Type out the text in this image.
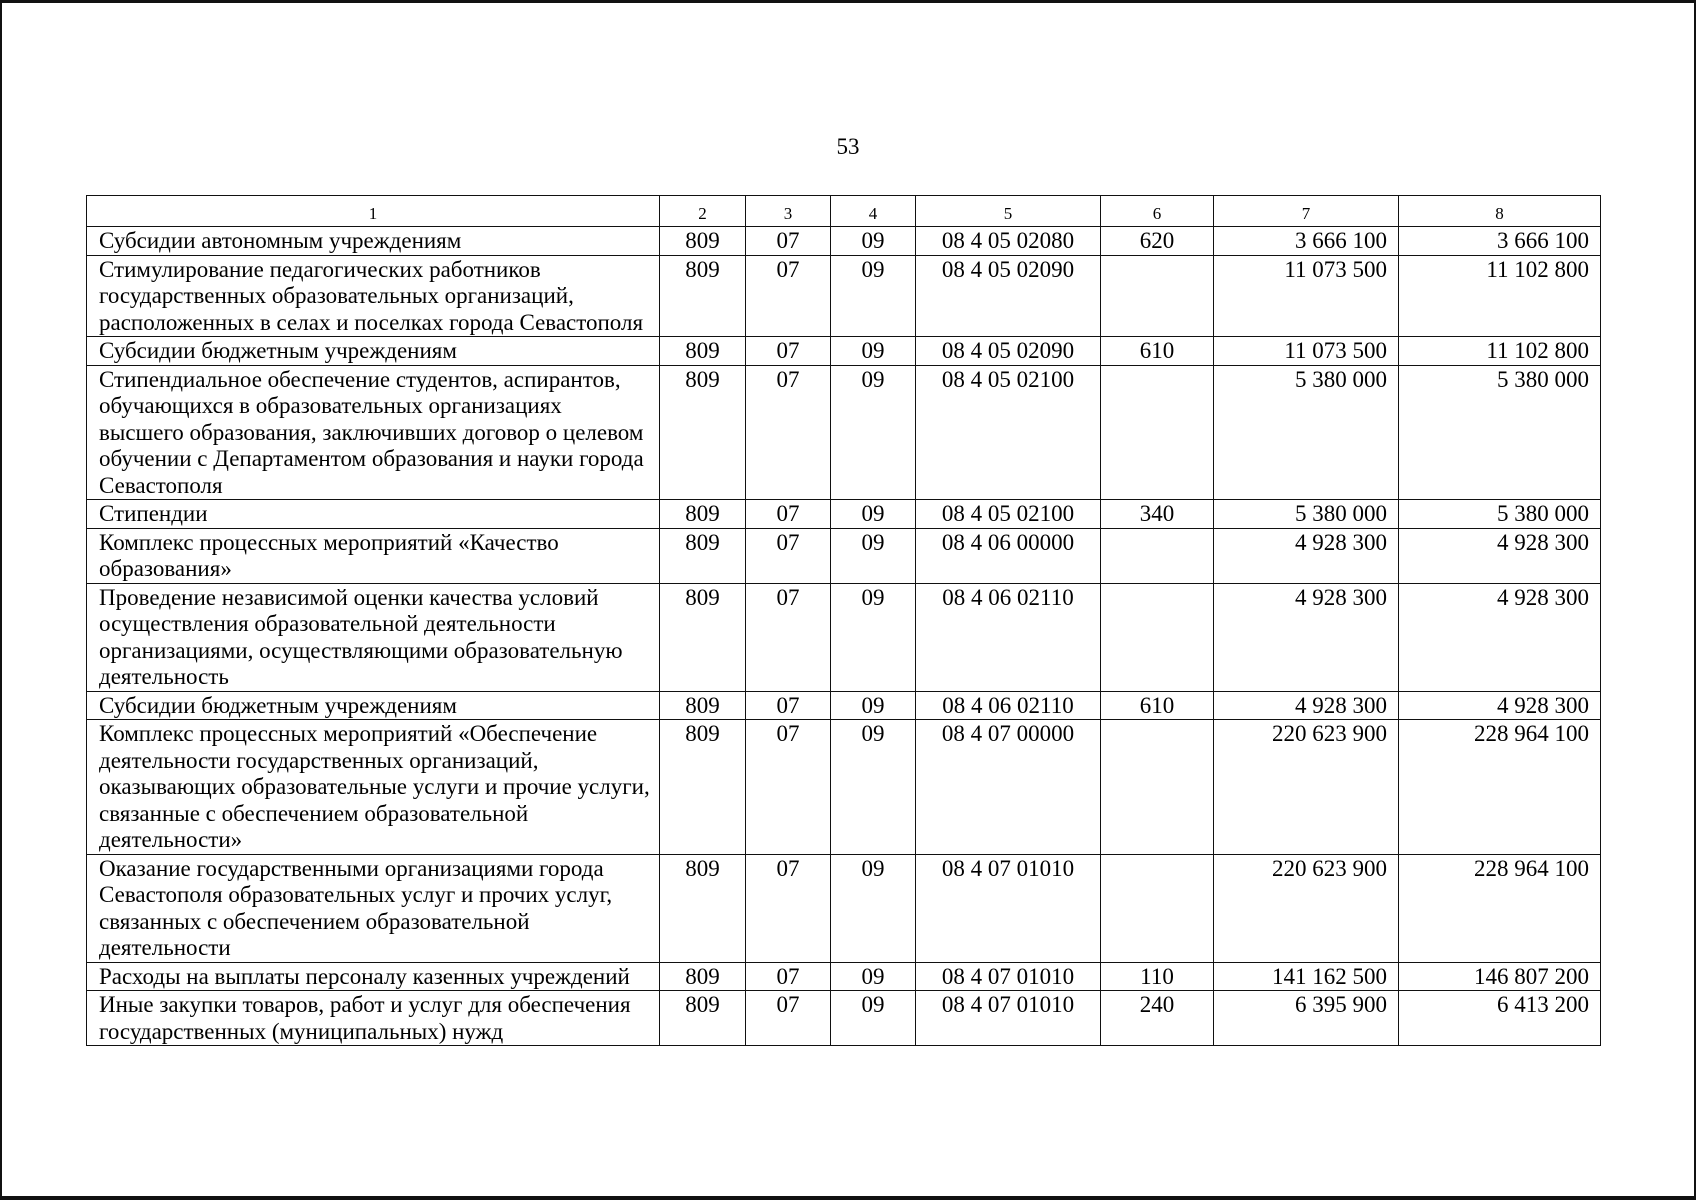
53
1	2	3	4	5	6	7	8
Субсидии автономным учреждениям	809	07	09	08 4 05 02080	620	3 666 100	3 666 100
Стимулирование педагогических работников государственных образовательных организаций, расположенных в селах и поселках города Севастополя	809	07	09	08 4 05 02090		11 073 500	11 102 800
Субсидии бюджетным учреждениям	809	07	09	08 4 05 02090	610	11 073 500	11 102 800
Стипендиальное обеспечение студентов, аспирантов, обучающихся в образовательных организациях высшего образования, заключивших договор о целевом обучении с Департаментом образования и науки города Севастополя	809	07	09	08 4 05 02100		5 380 000	5 380 000
Стипендии	809	07	09	08 4 05 02100	340	5 380 000	5 380 000
Комплекс процессных мероприятий «Качество образования»	809	07	09	08 4 06 00000		4 928 300	4 928 300
Проведение независимой оценки качества условий осуществления образовательной деятельности организациями, осуществляющими образовательную деятельность	809	07	09	08 4 06 02110		4 928 300	4 928 300
Субсидии бюджетным учреждениям	809	07	09	08 4 06 02110	610	4 928 300	4 928 300
Комплекс процессных мероприятий «Обеспечение деятельности государственных организаций, оказывающих образовательные услуги и прочие услуги, связанные с обеспечением образовательной деятельности»	809	07	09	08 4 07 00000		220 623 900	228 964 100
Оказание государственными организациями города Севастополя образовательных услуг и прочих услуг, связанных с обеспечением образовательной деятельности	809	07	09	08 4 07 01010		220 623 900	228 964 100
Расходы на выплаты персоналу казенных учреждений	809	07	09	08 4 07 01010	110	141 162 500	146 807 200
Иные закупки товаров, работ и услуг для обеспечения государственных (муниципальных) нужд	809	07	09	08 4 07 01010	240	6 395 900	6 413 200
